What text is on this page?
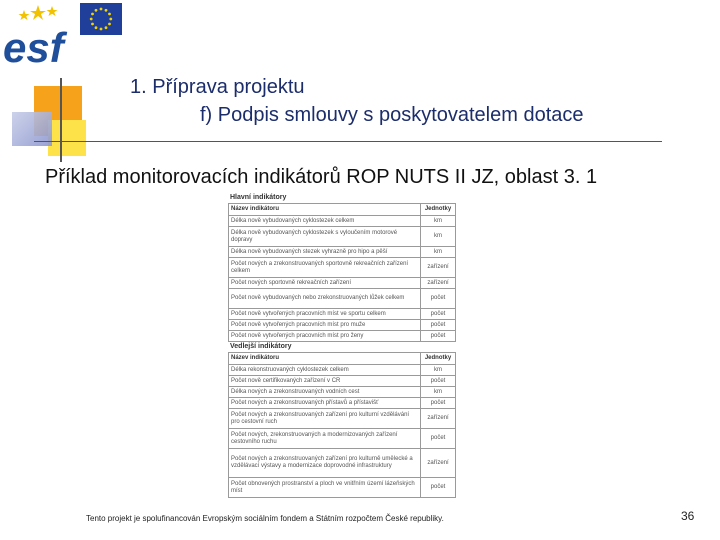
esf
1. Příprava projektu
f) Podpis smlouvy s poskytovatelem dotace
Příklad monitorovacích indikátorů ROP NUTS II JZ, oblast 3. 1
Hlavní indikátory
Název indikátoru	Jednotky
Délka nově vybudovaných cyklostezek celkem	km
Délka nově vybudovaných cyklostezek s vyloučením motorové dopravy	km
Délka nově vybudovaných stezek vyhrazně pro hipo a pěší	km
Počet nových a zrekonstruovaných sportovně rekreačních zařízení celkem	zařízení
Počet nových sportovně rekreačních zařízení	zařízení
Počet nově vybudovaných nebo zrekonstruovaných lůžek celkem	počet
Počet nově vytvořených pracovních míst ve sportu celkem	počet
Počet nově vytvořených pracovních míst pro muže	počet
Počet nově vytvořených pracovních míst pro ženy	počet
Vedlejší indikátory
Název indikátoru	Jednotky
Délka rekonstruovaných cyklostezek celkem	km
Počet nově certifikovaných zařízení v CR	počet
Délka nových a zrekonstruovaných vodních cest	km
Počet nových a zrekonstruovaných přístavů a přístavišť	počet
Počet nových a zrekonstruovaných zařízení pro kulturní vzdělávání pro cestovní ruch	zařízení
Počet nových, zrekonstruovaných a modernizovaných zařízení cestovního ruchu	počet
Počet nových a zrekonstruovaných zařízení pro kulturně umělecké a vzdělávací výstavy a modernizace doprovodné infrastruktury	zařízení
Počet obnovených prostranství a ploch ve vnitřním území lázeňských míst	počet
Tento projekt je spolufinancován Evropským sociálním fondem a Státním rozpočtem České republiky.	36
